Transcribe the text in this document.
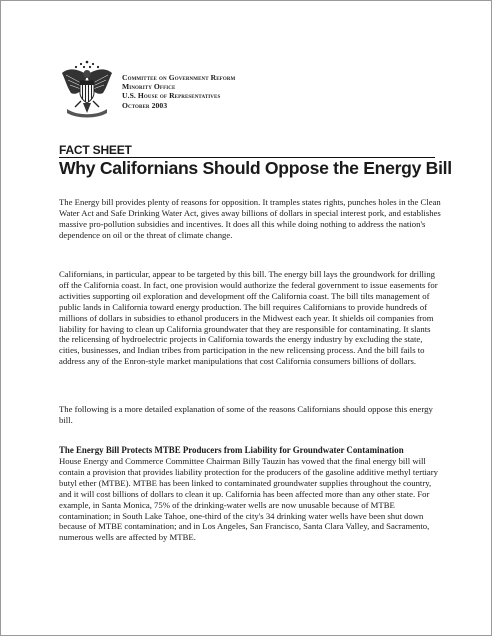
Committee on Government Reform
Minority Office
U.S. House of Representatives
October 2003
FACT SHEET
Why Californians Should Oppose the Energy Bill
The Energy bill provides plenty of reasons for opposition. It tramples states rights, punches holes in the Clean Water Act and Safe Drinking Water Act, gives away billions of dollars in special interest pork, and establishes massive pro-pollution subsidies and incentives. It does all this while doing nothing to address the nation's dependence on oil or the threat of climate change.
Californians, in particular, appear to be targeted by this bill. The energy bill lays the groundwork for drilling off the California coast. In fact, one provision would authorize the federal government to issue easements for activities supporting oil exploration and development off the California coast. The bill tilts management of public lands in California toward energy production. The bill requires Californians to provide hundreds of millions of dollars in subsidies to ethanol producers in the Midwest each year. It shields oil companies from liability for having to clean up California groundwater that they are responsible for contaminating. It slants the relicensing of hydroelectric projects in California towards the energy industry by excluding the state, cities, businesses, and Indian tribes from participation in the new relicensing process. And the bill fails to address any of the Enron-style market manipulations that cost California consumers billions of dollars.
The following is a more detailed explanation of some of the reasons Californians should oppose this energy bill.
The Energy Bill Protects MTBE Producers from Liability for Groundwater Contamination
House Energy and Commerce Committee Chairman Billy Tauzin has vowed that the final energy bill will contain a provision that provides liability protection for the producers of the gasoline additive methyl tertiary butyl ether (MTBE). MTBE has been linked to contaminated groundwater supplies throughout the country, and it will cost billions of dollars to clean it up. California has been affected more than any other state. For example, in Santa Monica, 75% of the drinking-water wells are now unusable because of MTBE contamination; in South Lake Tahoe, one-third of the city's 34 drinking water wells have been shut down because of MTBE contamination; and in Los Angeles, San Francisco, Santa Clara Valley, and Sacramento, numerous wells are affected by MTBE.
